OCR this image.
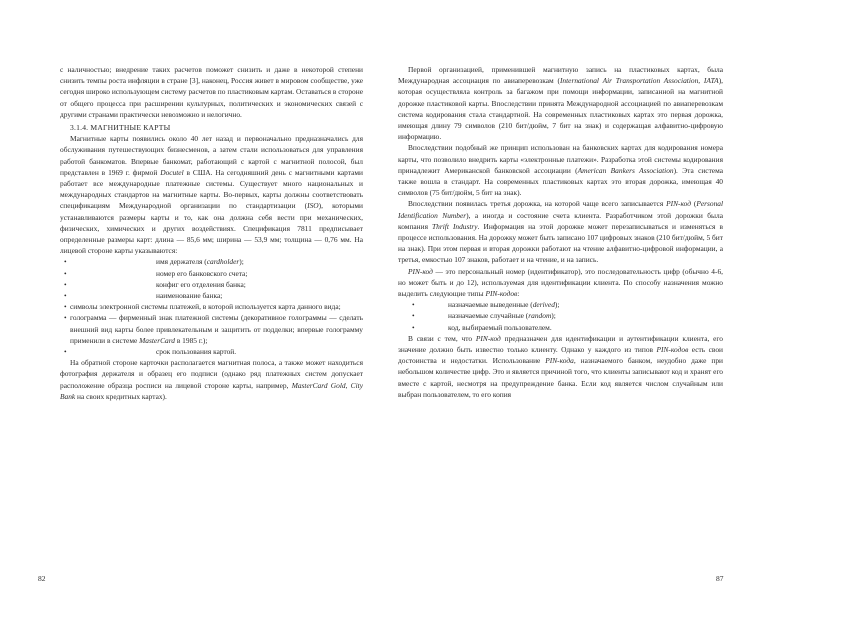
с наличностью; внедрение таких расчетов поможет снизить и даже в некоторой степени снизить темпы роста инфляции в стране [3], наконец, Россия живет в мировом сообществе, уже сегодня широко использующем систему расчетов по пластиковым картам. Оставаться в стороне от общего процесса при расширении культурных, политических и экономических связей с другими странами практически невозможно и нелогично.

3.1.4. МАГНИТНЫЕ КАРТЫ

Магнитные карты появились около 40 лет назад и первоначально предназначались для обслуживания путешествующих бизнесменов, а затем стали использоваться для управления работой банкоматов. Впервые банкомат, работающий с картой с магнитной полосой, был представлен в 1969 г. фирмой Docutel в США. На сегодняшний день с магнитными картами работает все международные платежные системы. Существует много национальных и международных стандартов на магнитные карты. Во-первых, карты должны соответствовать спецификациям Международной организации по стандартизации (ISO), которыми устанавливаются размеры карты и то, как она должна себя вести при механических, физических, химических и других воздействиях. Спецификация 7811 предписывает определенные размеры карт: длина — 85,6 мм; ширина — 53,9 мм; толщина — 0,76 мм. На лицевой стороне карты указываются:

• имя держателя (cardholder);
• номер его банковского счета;
• конфиг его отделения банка;
• наименование банка;
• символы электронной системы платежей, в которой используется карта данного вида;
• голограмма — фирменный знак платежной системы (декоративное голограммы — сделать внешний вид карты более привлекательным и защитить от подделки; впервые голограмму применили в системе MasterCard в 1985 г.);
• срок пользования картой.

На обратной стороне карточки располагается магнитная полоса, а также может находиться фотография держателя и образец его подписи (однако ряд платежных систем допускает расположение образца росписи на лицевой стороне карты, например, MasterCard Gold, City Bank на своих кредитных картах).

Первой организацией, применившей магнитную запись на пластиковых картах, была Международная ассоциация по авиаперевозкам (International Air Transportation Association, IATA), которая осуществляла контроль за багажом при помощи информации, записанной на магнитной дорожке пластиковой карты. Впоследствии принята Международной ассоциацией по авиаперевозкам система кодирования стала стандартной. На современных пластиковых картах это первая дорожка, имеющая длину 79 символов (210 бит/дюйм, 7 бит на знак) и содержащая алфавитно-цифровую информацию.

Впоследствии подобный же принцип использован на банковских картах для кодирования номера карты, что позволило внедрить карты «электронные платежи». Разработка этой системы кодирования принадлежит Американской банковской ассоциации (American Bankers Association). Эта система также вошла в стандарт. На современных пластиковых картах это вторая дорожка, имеющая 40 символов (75 бит/дюйм, 5 бит на знак).

Впоследствии появилась третья дорожка, на которой чаще всего записывается PIN-код (Personal Identification Number), а иногда и состояние счета клиента. Разработчиком этой дорожки была компания Thrift Industry. Информация на этой дорожке может перезаписываться и изменяться в процессе использования. На дорожку может быть записано 107 цифровых знаков (210 бит/дюйм, 5 бит на знак). При этом первая и вторая дорожки работают на чтение алфавитно-цифровой информации, а третья, емкостью 107 знаков, работает и на чтение, и на запись.

PIN-код — это персональный номер (идентификатор), это последовательность цифр (обычно 4-6, но может быть и до 12), используемая для идентификации клиента. По способу назначения можно выделить следующие типы PIN-кодов:

• назначаемые выведенные (derived);
• назначаемые случайные (random);
• код, выбираемый пользователем.

В связи с тем, что PIN-код предназначен для идентификации и аутентификации клиента, его значение должно быть известно только клиенту. Однако у каждого из типов PIN-кодов есть свои достоинства и недостатки. Использование PIN-кода, назначаемого банком, неудобно даже при небольшом количестве цифр. Это и является причиной того, что клиенты записывают код и хранят его вместе с картой, несмотря на предупреждение банка. Если код является числом случайным или выбран пользователем, то его копия

82	87
